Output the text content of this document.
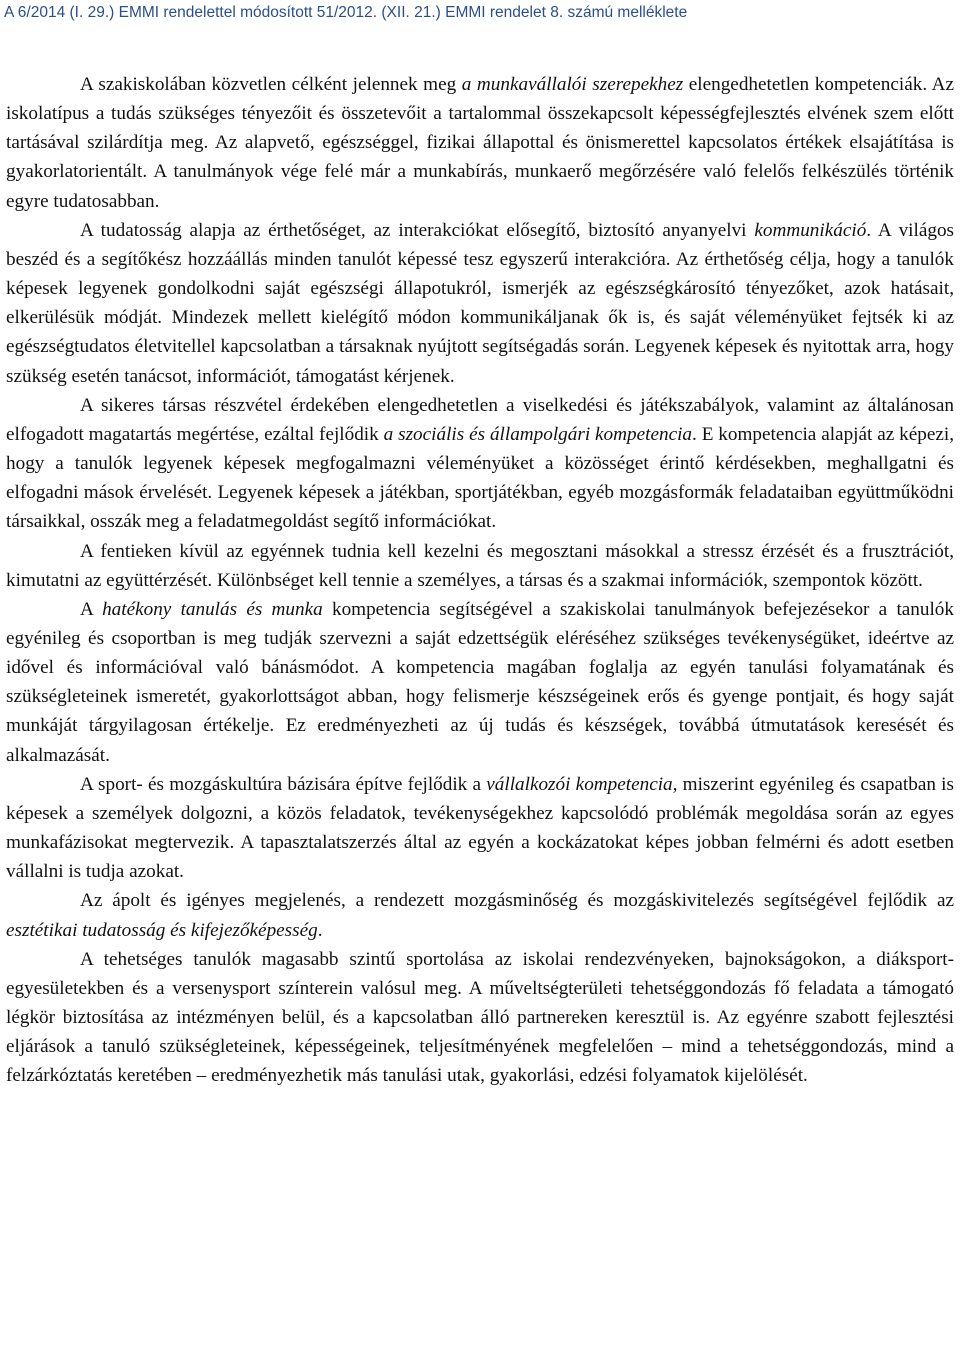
A 6/2014 (I. 29.) EMMI rendelettel módosított 51/2012. (XII. 21.) EMMI rendelet 8. számú melléklete

A szakiskolában közvetlen célként jelennek meg a munkavállalói szerepekhez elengedhetetlen kompetenciák. Az iskolatípus a tudás szükséges tényezőit és összetevőit a tartalommal összekapcsolt képességfejlesztés elvének szem előtt tartásával szilárdítja meg. Az alapvető, egészséggel, fizikai állapottal és önismerettel kapcsolatos értékek elsajátítása is gyakorlatorientált. A tanulmányok vége felé már a munkabírás, munkaerő megőrzésére való felelős felkészülés történik egyre tudatosabban.

A tudatosság alapja az érthetőséget, az interakciókat elősegítő, biztosító anyanyelvi kommunikáció. A világos beszéd és a segítőkész hozzáállás minden tanulót képessé tesz egyszerű interakcióra. Az érthetőség célja, hogy a tanulók képesek legyenek gondolkodni saját egészségi állapotukról, ismerjék az egészségkárosító tényezőket, azok hatásait, elkerülésük módját. Mindezek mellett kielégítő módon kommunikáljanak ők is, és saját véleményüket fejtsék ki az egészségtudatos életvitellel kapcsolatban a társaknak nyújtott segítségadás során. Legyenek képesek és nyitottak arra, hogy szükség esetén tanácsot, információt, támogatást kérjenek.

A sikeres társas részvétel érdekében elengedhetetlen a viselkedési és játékszabályok, valamint az általánosan elfogadott magatartás megértése, ezáltal fejlődik a szociális és állampolgári kompetencia. E kompetencia alapját az képezi, hogy a tanulók legyenek képesek megfogalmazni véleményüket a közösséget érintő kérdésekben, meghallgatni és elfogadni mások érvelését. Legyenek képesek a játékban, sportjátékban, egyéb mozgásformák feladataiban együttműködni társaikkal, osszák meg a feladatmegoldást segítő információkat.

A fentieken kívül az egyénnek tudnia kell kezelni és megosztani másokkal a stressz érzését és a frusztrációt, kimutatni az együttérzését. Különbséget kell tennie a személyes, a társas és a szakmai információk, szempontok között.

A hatékony tanulás és munka kompetencia segítségével a szakiskolai tanulmányok befejezésekor a tanulók egyénileg és csoportban is meg tudják szervezni a saját edzettségük eléréséhez szükséges tevékenységüket, ideértve az idővel és információval való bánásmódot. A kompetencia magában foglalja az egyén tanulási folyamatának és szükségleteinek ismeretét, gyakorlottságot abban, hogy felismerje készségeinek erős és gyenge pontjait, és hogy saját munkáját tárgyilagosan értékelje. Ez eredményezheti az új tudás és készségek, továbbá útmutatások keresését és alkalmazását.

A sport- és mozgáskultúra bázisára építve fejlődik a vállalkozói kompetencia, miszerint egyénileg és csapatban is képesek a személyek dolgozni, a közös feladatok, tevékenységekhez kapcsolódó problémák megoldása során az egyes munkafázisokat megtervezik. A tapasztalatszerzés által az egyén a kockázatokat képes jobban felmérni és adott esetben vállalni is tudja azokat.

Az ápolt és igényes megjelenés, a rendezett mozgásminőség és mozgáskivitelezés segítségével fejlődik az esztétikai tudatosság és kifejezőképesség.

A tehetséges tanulók magasabb szintű sportolása az iskolai rendezvényeken, bajnokságokon, a diáksport-egyesületekben és a versenysport színterein valósul meg. A műveltségterületi tehetséggondozás fő feladata a támogató légkör biztosítása az intézményen belül, és a kapcsolatban álló partnereken keresztül is. Az egyénre szabott fejlesztési eljárások a tanuló szükségleteinek, képességeinek, teljesítményének megfelelően – mind a tehetséggondozás, mind a felzárkóztatás keretében – eredményezhetik más tanulási utak, gyakorlási, edzési folyamatok kijelölését.
